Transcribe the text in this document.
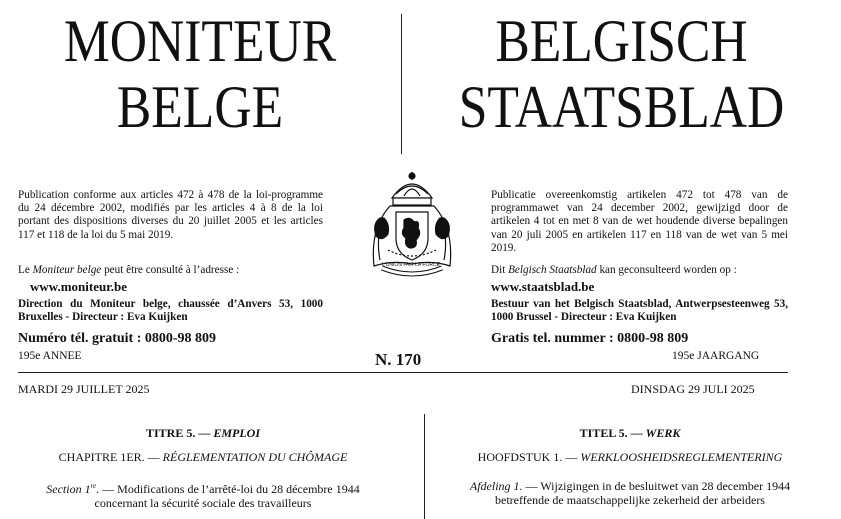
MONITEUR
BELGE
BELGISCH
STAATSBLAD
Publication conforme aux articles 472 à 478 de la loi-programme du 24 décembre 2002, modifiés par les articles 4 à 8 de la loi portant des dispositions diverses du 20 juillet 2005 et les articles 117 et 118 de la loi du 5 mai 2019.
Le Moniteur belge peut être consulté à l’adresse :
www.moniteur.be
Direction du Moniteur belge, chaussée d’Anvers 53, 1000 Bruxelles - Directeur : Eva Kuijken
Numéro tél. gratuit : 0800-98 809
195e ANNEE
Publicatie overeenkomstig artikelen 472 tot 478 van de programmawet van 24 december 2002, gewijzigd door de artikelen 4 tot en met 8 van de wet houdende diverse bepalingen van 20 juli 2005 en artikelen 117 en 118 van de wet van 5 mei 2019.
Dit Belgisch Staatsblad kan geconsulteerd worden op :
www.staatsblad.be
Bestuur van het Belgisch Staatsblad, Antwerpsesteenweg 53, 1000 Brussel - Directeur : Eva Kuijken
Gratis tel. nummer : 0800-98 809
195e JAARGANG
L'UNION FAIT LA FORCE
N. 170
MARDI 29 JUILLET 2025	DINSDAG 29 JULI 2025
TITRE 5. — EMPLOI
CHAPITRE 1ER. — RÉGLEMENTATION DU CHÔMAGE
Section 1re. — Modifications de l’arrêté-loi du 28 décembre 1944
concernant la sécurité sociale des travailleurs
TITEL 5. — WERK
HOOFDSTUK 1. — WERKLOOSHEIDSREGLEMENTERING
Afdeling 1. — Wijzigingen in de besluitwet van 28 december 1944
betreffende de maatschappelijke zekerheid der arbeiders
